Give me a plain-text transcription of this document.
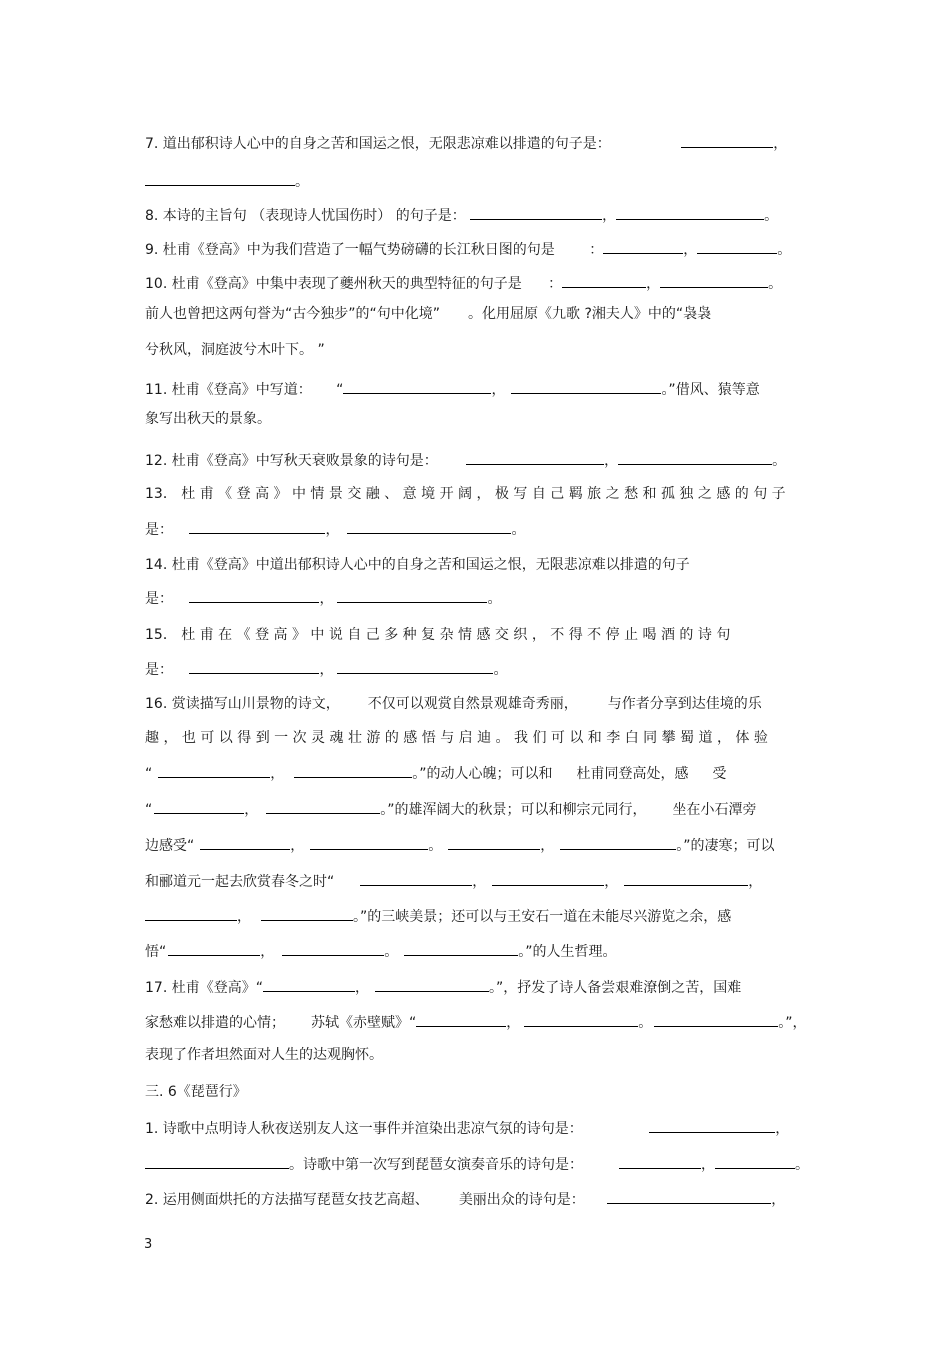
7. 道出郁积诗人心中的自身之苦和国运之恨，无限悲凉难以排遣的句子是：	，
。
8. 本诗的主旨句 （表现诗人忧国伤时） 的句子是：	，	。
9. 杜甫《登高》中为我们营造了一幅气势磅礴的长江秋日图的句是 ：	，	。
10. 杜甫《登高》中集中表现了夔州秋天的典型特征的句子是 ：	，	。
前人也曾把这两句誉为“古今独步”的“句中化境” 。化用屈原《九歌 ?湘夫人》中的“袅袅
兮秋风，洞庭波兮木叶下。 ”
11. 杜甫《登高》中写道： “	，	。”借风、猿等意
象写出秋天的景象。
12. 杜甫《登高》中写秋天衰败景象的诗句是：	，	。
13． 杜 甫 《 登 高 》 中 情 景 交 融 、 意 境 开 阔 ， 极 写 自 己 羁 旅 之 愁 和 孤 独 之 感 的 句 子
是：	，	。
14. 杜甫《登高》中道出郁积诗人心中的自身之苦和国运之恨，无限悲凉难以排遣的句子
是：	，	。
15． 杜 甫 在 《 登 高 》 中 说 自 己 多 种 复 杂 情 感 交 织 ， 不 得 不 停 止 喝 酒 的 诗 句
是：	，	。
16. 赏读描写山川景物的诗文， 不仅可以观赏自然景观雄奇秀丽， 与作者分享到达佳境的乐
趣 ， 也 可 以 得 到 一 次 灵 魂 壮 游 的 感 悟 与 启 迪 。 我 们 可 以 和 李 白 同 攀 蜀 道 ， 体 验
“	，	。”的动人心魄；可以和 杜甫同登高处，感 受
“	，	。”的雄浑阔大的秋景；可以和柳宗元同行， 坐在小石潭旁
边感受“	，	。	，	。”的凄寒；可以
和郦道元一起去欣赏春冬之时“	，	，	，
，	。”的三峡美景；还可以与王安石一道在未能尽兴游览之余，感
悟“	，	。	。”的人生哲理。
17. 杜甫《登高》“	，	。”，抒发了诗人备尝艰难潦倒之苦，国难
家愁难以排遣的心情； 苏轼《赤壁赋》“	，	。	。”，
表现了作者坦然面对人生的达观胸怀。
三. 6《琵琶行》
1. 诗歌中点明诗人秋夜送别友人这一事件并渲染出悲凉气氛的诗句是：	，
。诗歌中第一次写到琵琶女演奏音乐的诗句是：	，	。
2. 运用侧面烘托的方法描写琵琶女技艺高超、 美丽出众的诗句是：	，
3
